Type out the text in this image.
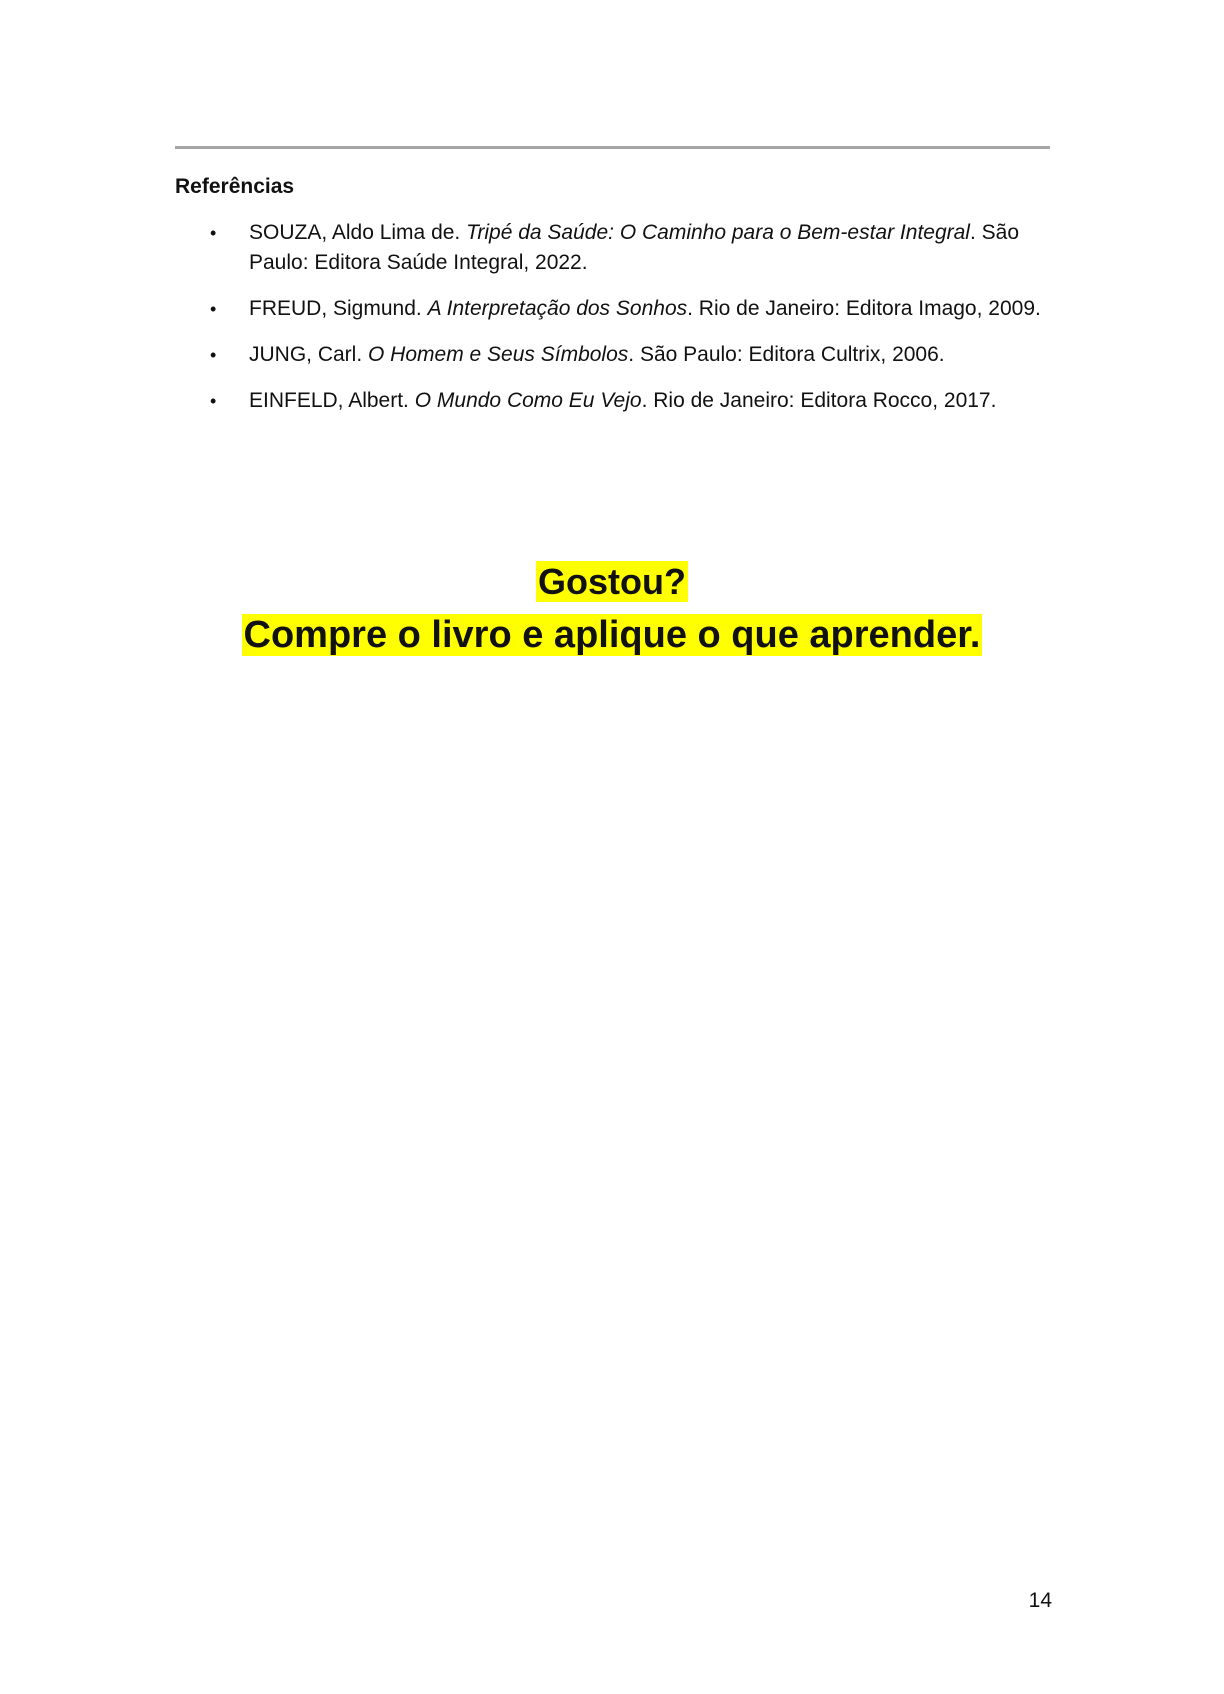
Referências
• SOUZA, Aldo Lima de. Tripé da Saúde: O Caminho para o Bem-estar Integral. São Paulo: Editora Saúde Integral, 2022.
• FREUD, Sigmund. A Interpretação dos Sonhos. Rio de Janeiro: Editora Imago, 2009.
• JUNG, Carl. O Homem e Seus Símbolos. São Paulo: Editora Cultrix, 2006.
• EINFELD, Albert. O Mundo Como Eu Vejo. Rio de Janeiro: Editora Rocco, 2017.
Gostou?
Compre o livro e aplique o que aprender.
14
